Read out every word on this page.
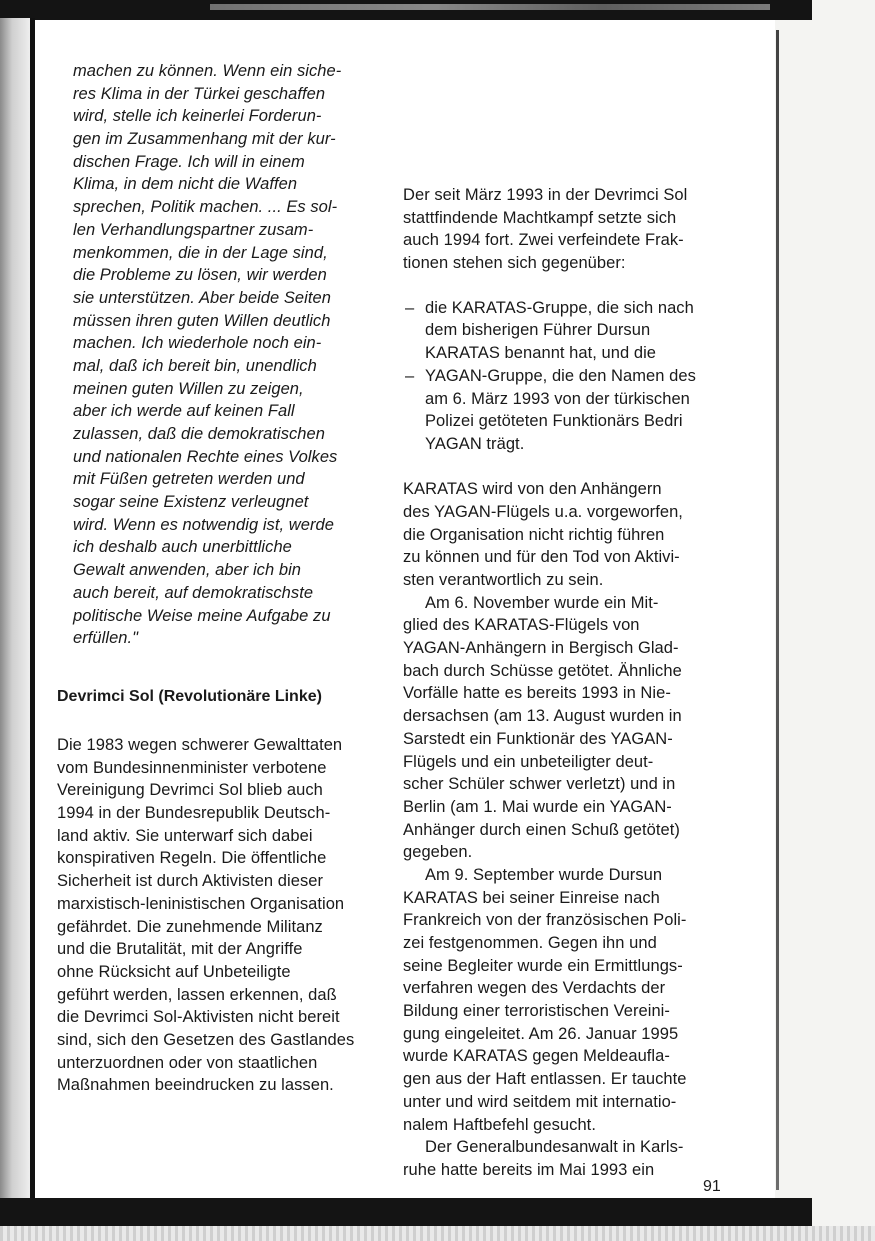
machen zu können. Wenn ein siche-
res Klima in der Türkei geschaffen
wird, stelle ich keinerlei Forderun-
gen im Zusammenhang mit der kur-
dischen Frage. Ich will in einem
Klima, in dem nicht die Waffen
sprechen, Politik machen. ... Es sol-
len Verhandlungspartner zusam-
menkommen, die in der Lage sind,
die Probleme zu lösen, wir werden
sie unterstützen. Aber beide Seiten
müssen ihren guten Willen deutlich
machen. Ich wiederhole noch ein-
mal, daß ich bereit bin, unendlich
meinen guten Willen zu zeigen,
aber ich werde auf keinen Fall
zulassen, daß die demokratischen
und nationalen Rechte eines Volkes
mit Füßen getreten werden und
sogar seine Existenz verleugnet
wird. Wenn es notwendig ist, werde
ich deshalb auch unerbittliche
Gewalt anwenden, aber ich bin
auch bereit, auf demokratischste
politische Weise meine Aufgabe zu
erfüllen."
Devrimci Sol (Revolutionäre Linke)
Die 1983 wegen schwerer Gewalttaten
vom Bundesinnenminister verbotene
Vereinigung Devrimci Sol blieb auch
1994 in der Bundesrepublik Deutsch-
land aktiv. Sie unterwarf sich dabei
konspirativen Regeln. Die öffentliche
Sicherheit ist durch Aktivisten dieser
marxistisch-leninistischen Organisation
gefährdet. Die zunehmende Militanz
und die Brutalität, mit der Angriffe
ohne Rücksicht auf Unbeteiligte
geführt werden, lassen erkennen, daß
die Devrimci Sol-Aktivisten nicht bereit
sind, sich den Gesetzen des Gastlandes
unterzuordnen oder von staatlichen
Maßnahmen beeindrucken zu lassen.
Der seit März 1993 in der Devrimci Sol
stattfindende Machtkampf setzte sich
auch 1994 fort. Zwei verfeindete Frak-
tionen stehen sich gegenüber:
– die KARATAS-Gruppe, die sich nach
dem bisherigen Führer Dursun
KARATAS benannt hat, und die
– YAGAN-Gruppe, die den Namen des
am 6. März 1993 von der türkischen
Polizei getöteten Funktionärs Bedri
YAGAN trägt.
KARATAS wird von den Anhängern
des YAGAN-Flügels u.a. vorgeworfen,
die Organisation nicht richtig führen
zu können und für den Tod von Aktivi-
sten verantwortlich zu sein.
Am 6. November wurde ein Mit-
glied des KARATAS-Flügels von
YAGAN-Anhängern in Bergisch Glad-
bach durch Schüsse getötet. Ähnliche
Vorfälle hatte es bereits 1993 in Nie-
dersachsen (am 13. August wurden in
Sarstedt ein Funktionär des YAGAN-
Flügels und ein unbeteiligter deut-
scher Schüler schwer verletzt) und in
Berlin (am 1. Mai wurde ein YAGAN-
Anhänger durch einen Schuß getötet)
gegeben.
Am 9. September wurde Dursun
KARATAS bei seiner Einreise nach
Frankreich von der französischen Poli-
zei festgenommen. Gegen ihn und
seine Begleiter wurde ein Ermittlungs-
verfahren wegen des Verdachts der
Bildung einer terroristischen Vereini-
gung eingeleitet. Am 26. Januar 1995
wurde KARATAS gegen Meldeaufla-
gen aus der Haft entlassen. Er tauchte
unter und wird seitdem mit internatio-
nalem Haftbefehl gesucht.
Der Generalbundesanwalt in Karls-
ruhe hatte bereits im Mai 1993 ein
91
